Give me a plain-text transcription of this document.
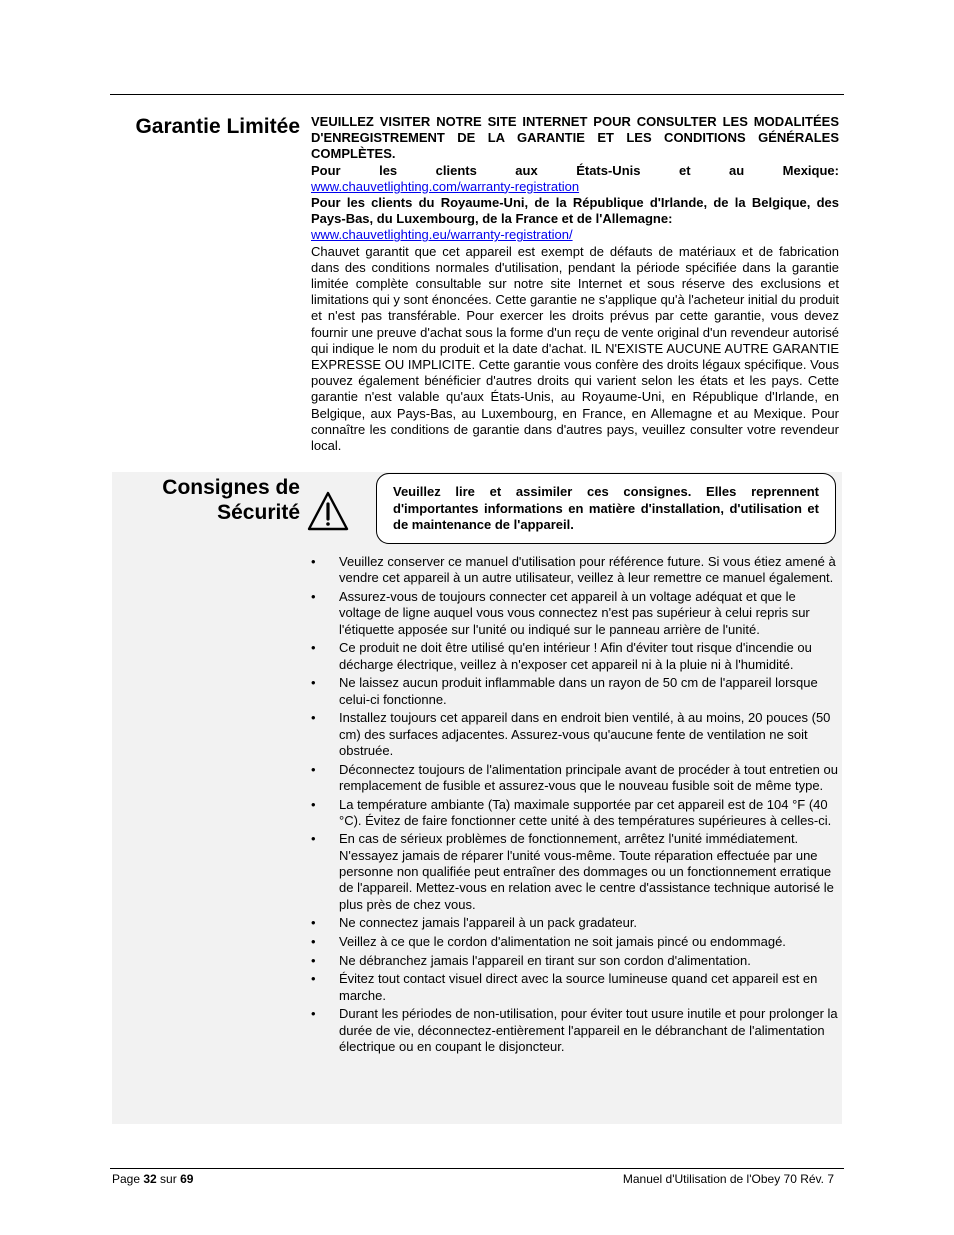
Garantie Limitée VEUILLEZ VISITER NOTRE SITE INTERNET POUR CONSULTER LES MODALITÉES D'ENREGISTREMENT DE LA GARANTIE ET LES CONDITIONS GÉNÉRALES COMPLÈTES.

Pour les clients aux États-Unis et au Mexique:

www.chauvetlighting.com/warranty-registration

Pour les clients du Royaume-Uni, de la République d'Irlande, de la Belgique, des Pays-Bas, du Luxembourg, de la France et de l'Allemagne:

www.chauvetlighting.eu/warranty-registration/

Chauvet garantit que cet appareil est exempt de défauts de matériaux et de fabrication dans des conditions normales d'utilisation, pendant la période spécifiée dans la garantie limitée complète consultable sur notre site Internet et sous réserve des exclusions et limitations qui y sont énoncées. Cette garantie ne s'applique qu'à l'acheteur initial du produit et n'est pas transférable. Pour exercer les droits prévus par cette garantie, vous devez fournir une preuve d'achat sous la forme d'un reçu de vente original d'un revendeur autorisé qui indique le nom du produit et la date d'achat. IL N'EXISTE AUCUNE AUTRE GARANTIE EXPRESSE OU IMPLICITE. Cette garantie vous confère des droits légaux spécifique. Vous pouvez également bénéficier d'autres droits qui varient selon les états et les pays. Cette garantie n'est valable qu'aux États-Unis, au Royaume-Uni, en République d'Irlande, en Belgique, aux Pays-Bas, au Luxembourg, en France, en Allemagne et au Mexique. Pour connaître les conditions de garantie dans d'autres pays, veuillez consulter votre revendeur local.

Consignes de
Sécurité
Veuillez lire et assimiler ces consignes. Elles reprennent d'importantes informations en matière d'installation, d'utilisation et de maintenance de l'appareil.
• Veuillez conserver ce manuel d'utilisation pour référence future. Si vous étiez amené à vendre cet appareil à un autre utilisateur, veillez à leur remettre ce manuel également.
• Assurez-vous de toujours connecter cet appareil à un voltage adéquat et que le voltage de ligne auquel vous vous connectez n'est pas supérieur à celui repris sur l'étiquette apposée sur l'unité ou indiqué sur le panneau arrière de l'unité.
• Ce produit ne doit être utilisé qu'en intérieur ! Afin d'éviter tout risque d'incendie ou décharge électrique, veillez à n'exposer cet appareil ni à la pluie ni à l'humidité.
• Ne laissez aucun produit inflammable dans un rayon de 50 cm de l'appareil lorsque celui-ci fonctionne.
• Installez toujours cet appareil dans en endroit bien ventilé, à au moins, 20 pouces (50 cm) des surfaces adjacentes. Assurez-vous qu'aucune fente de ventilation ne soit obstruée.
• Déconnectez toujours de l'alimentation principale avant de procéder à tout entretien ou remplacement de fusible et assurez-vous que le nouveau fusible soit de même type.
• La température ambiante (Ta) maximale supportée par cet appareil est de 104 °F (40 °C). Évitez de faire fonctionner cette unité à des températures supérieures à celles-ci.
• En cas de sérieux problèmes de fonctionnement, arrêtez l'unité immédiatement. N'essayez jamais de réparer l'unité vous-même. Toute réparation effectuée par une personne non qualifiée peut entraîner des dommages ou un fonctionnement erratique de l'appareil. Mettez-vous en relation avec le centre d'assistance technique autorisé le plus près de chez vous.
• Ne connectez jamais l'appareil à un pack gradateur.
• Veillez à ce que le cordon d'alimentation ne soit jamais pincé ou endommagé.
• Ne débranchez jamais l'appareil en tirant sur son cordon d'alimentation.
• Évitez tout contact visuel direct avec la source lumineuse quand cet appareil est en marche.
• Durant les périodes de non-utilisation, pour éviter tout usure inutile et pour prolonger la durée de vie, déconnectez-entièrement l'appareil en le débranchant de l'alimentation électrique ou en coupant le disjoncteur.
Page 32 sur 69	Manuel d'Utilisation de l'Obey 70 Rév. 7
